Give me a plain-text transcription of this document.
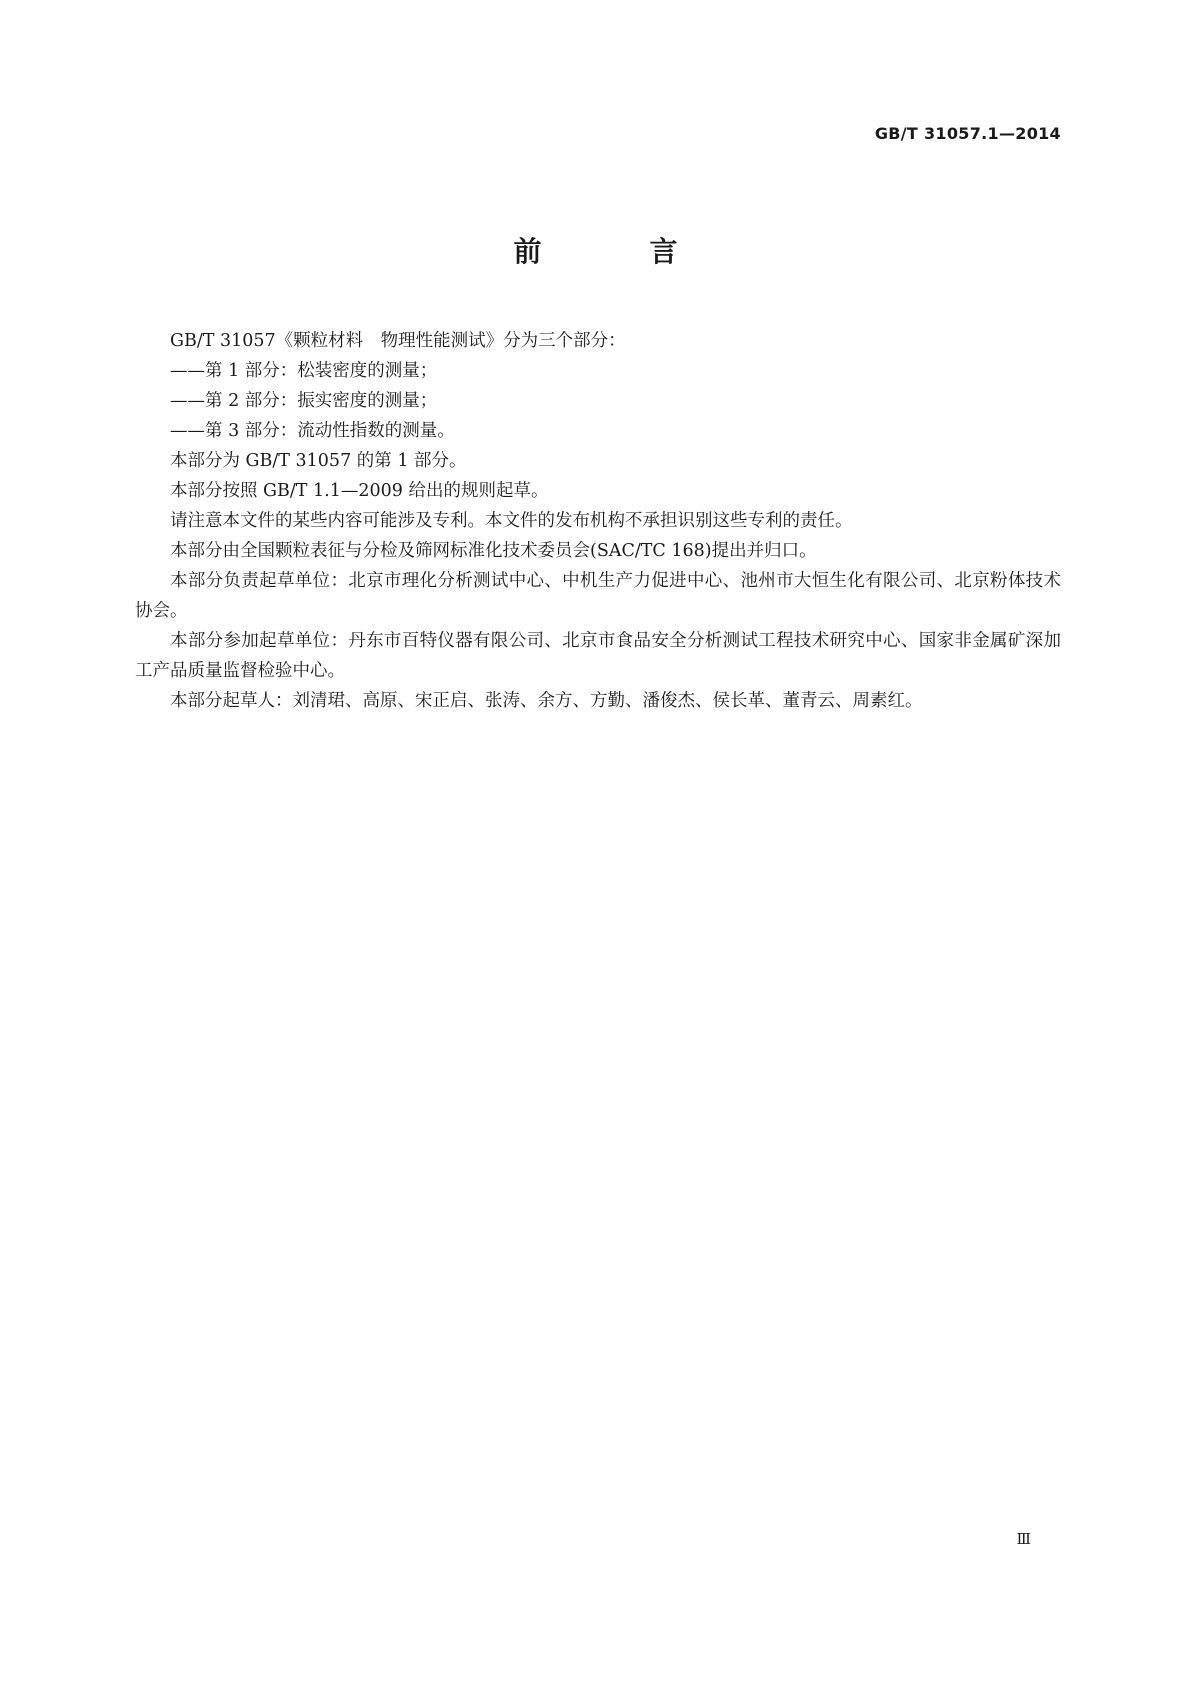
GB/T 31057.1—2014
前　言

GB/T 31057《颗粒材料　物理性能测试》分为三个部分：

——第 1 部分：松装密度的测量；

——第 2 部分：振实密度的测量；

——第 3 部分：流动性指数的测量。

本部分为 GB/T 31057 的第 1 部分。

本部分按照 GB/T 1.1—2009 给出的规则起草。

请注意本文件的某些内容可能涉及专利。本文件的发布机构不承担识别这些专利的责任。

本部分由全国颗粒表征与分检及筛网标准化技术委员会(SAC/TC 168)提出并归口。

本部分负责起草单位：北京市理化分析测试中心、中机生产力促进中心、池州市大恒生化有限公司、北京粉体技术协会。

本部分参加起草单位：丹东市百特仪器有限公司、北京市食品安全分析测试工程技术研究中心、国家非金属矿深加工产品质量监督检验中心。

本部分起草人：刘清珺、高原、宋正启、张涛、余方、方勤、潘俊杰、侯长革、董青云、周素红。

Ⅲ
